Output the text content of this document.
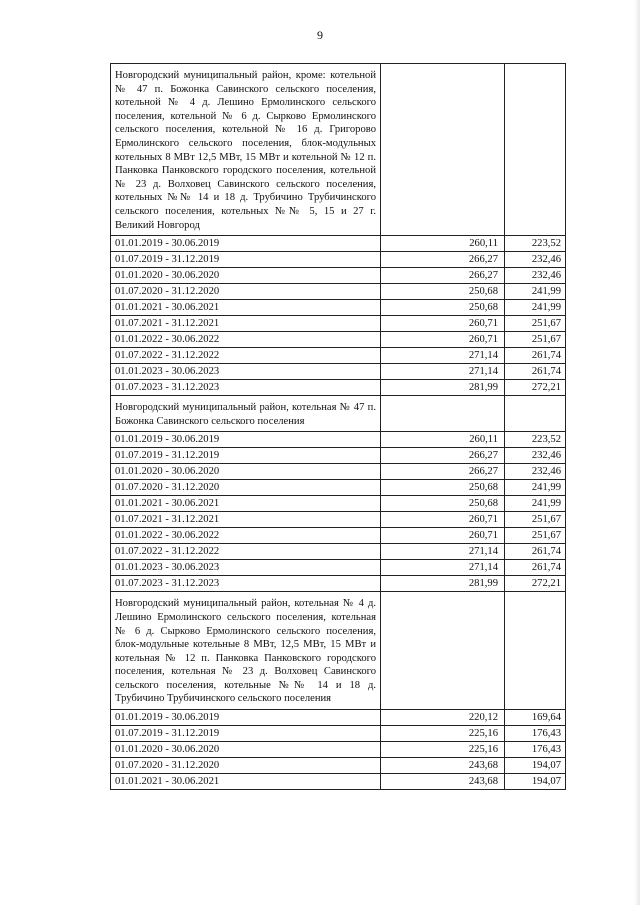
9
Новгородский муниципальный район, кроме: котельной № 47 п. Божонка Савинского сельского поселения, котельной № 4 д. Лешино Ермолинского сельского поселения, котельной № 6 д. Сырково Ермолинского сельского поселения, котельной № 16 д. Григорово Ермолинского сельского поселения, блок-модульных котельных 8 МВт 12,5 МВт, 15 МВт и котельной № 12 п. Панковка Панковского городского поселения, котельной № 23 д. Волховец Савинского сельского поселения, котельных №№ 14 и 18 д. Трубичино Трубичинского сельского поселения, котельных №№ 5, 15 и 27 г. Великий Новгород		
01.01.2019 - 30.06.2019	260,11	223,52
01.07.2019 - 31.12.2019	266,27	232,46
01.01.2020 - 30.06.2020	266,27	232,46
01.07.2020 - 31.12.2020	250,68	241,99
01.01.2021 - 30.06.2021	250,68	241,99
01.07.2021 - 31.12.2021	260,71	251,67
01.01.2022 - 30.06.2022	260,71	251,67
01.07.2022 - 31.12.2022	271,14	261,74
01.01.2023 - 30.06.2023	271,14	261,74
01.07.2023 - 31.12.2023	281,99	272,21
Новгородский муниципальный район, котельная № 47 п. Божонка Савинского сельского поселения		
01.01.2019 - 30.06.2019	260,11	223,52
01.07.2019 - 31.12.2019	266,27	232,46
01.01.2020 - 30.06.2020	266,27	232,46
01.07.2020 - 31.12.2020	250,68	241,99
01.01.2021 - 30.06.2021	250,68	241,99
01.07.2021 - 31.12.2021	260,71	251,67
01.01.2022 - 30.06.2022	260,71	251,67
01.07.2022 - 31.12.2022	271,14	261,74
01.01.2023 - 30.06.2023	271,14	261,74
01.07.2023 - 31.12.2023	281,99	272,21
Новгородский муниципальный район, котельная № 4 д. Лешино Ермолинского сельского поселения, котельная № 6 д. Сырково Ермолинского сельского поселения, блок-модульные котельные 8 МВт, 12,5 МВт, 15 МВт и котельная № 12 п. Панковка Панковского городского поселения, котельная № 23 д. Волховец Савинского сельского поселения, котельные №№ 14 и 18 д. Трубичино Трубичинского сельского поселения		
01.01.2019 - 30.06.2019	220,12	169,64
01.07.2019 - 31.12.2019	225,16	176,43
01.01.2020 - 30.06.2020	225,16	176,43
01.07.2020 - 31.12.2020	243,68	194,07
01.01.2021 - 30.06.2021	243,68	194,07
